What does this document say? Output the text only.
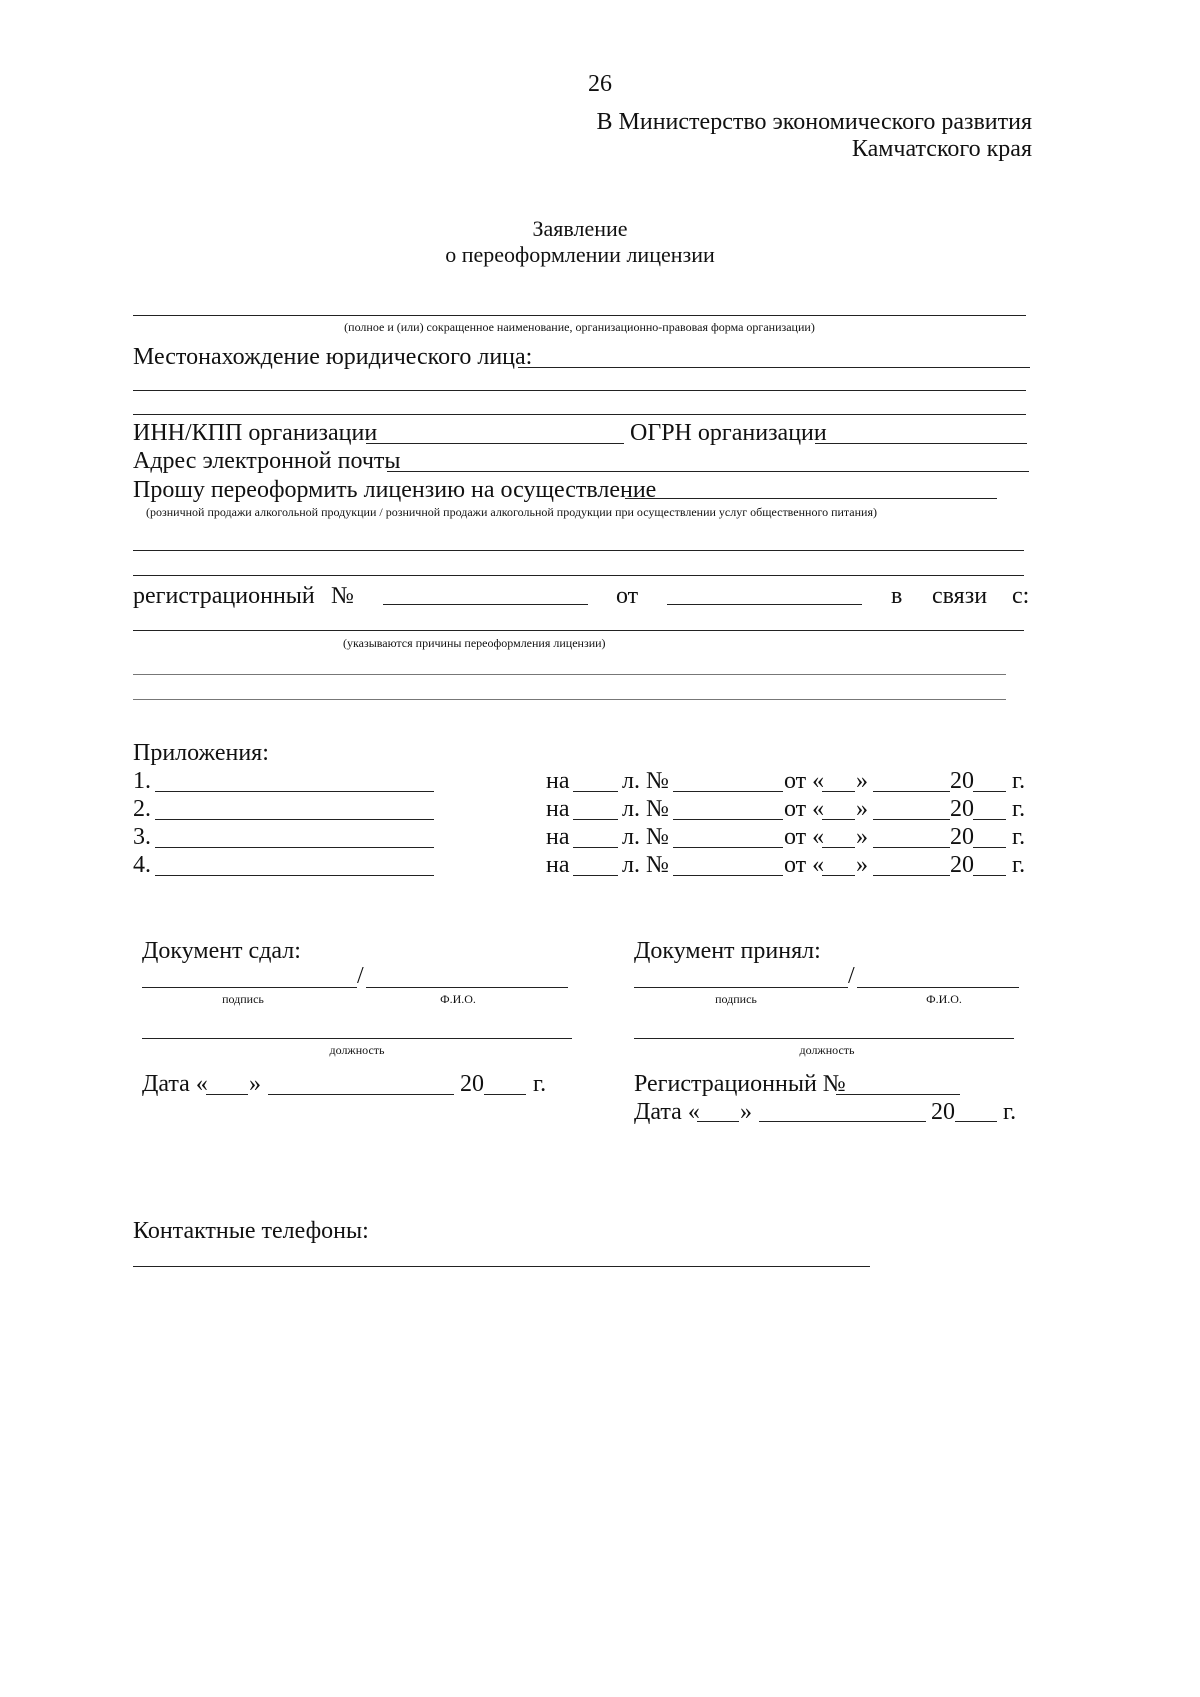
26
В Министерство экономического развития
Камчатского края
Заявление
о переоформлении лицензии
(полное и (или) сокращенное наименование, организационно-правовая форма организации)
Местонахождение юридического лица:
ИНН/КПП организации	ОГРН организации
Адрес электронной почты
Прошу переоформить лицензию на осуществление
(розничной продажи алкогольной продукции / розничной продажи алкогольной продукции при осуществлении услуг общественного питания)
регистрационный №	от	в связи с:
(указываются причины переоформления лицензии)
Приложения:
1.	на л. №	от « »	20 г.
2.	на л. №	от « »	20 г.
3.	на л. №	от « »	20 г.
4.	на л. №	от « »	20 г.
Документ сдал:
/
подпись	Ф.И.О.
должность
Дата « »	20 г.
Документ принял:
/
подпись	Ф.И.О.
должность
Регистрационный №
Дата « »	20 г.
Контактные телефоны:
